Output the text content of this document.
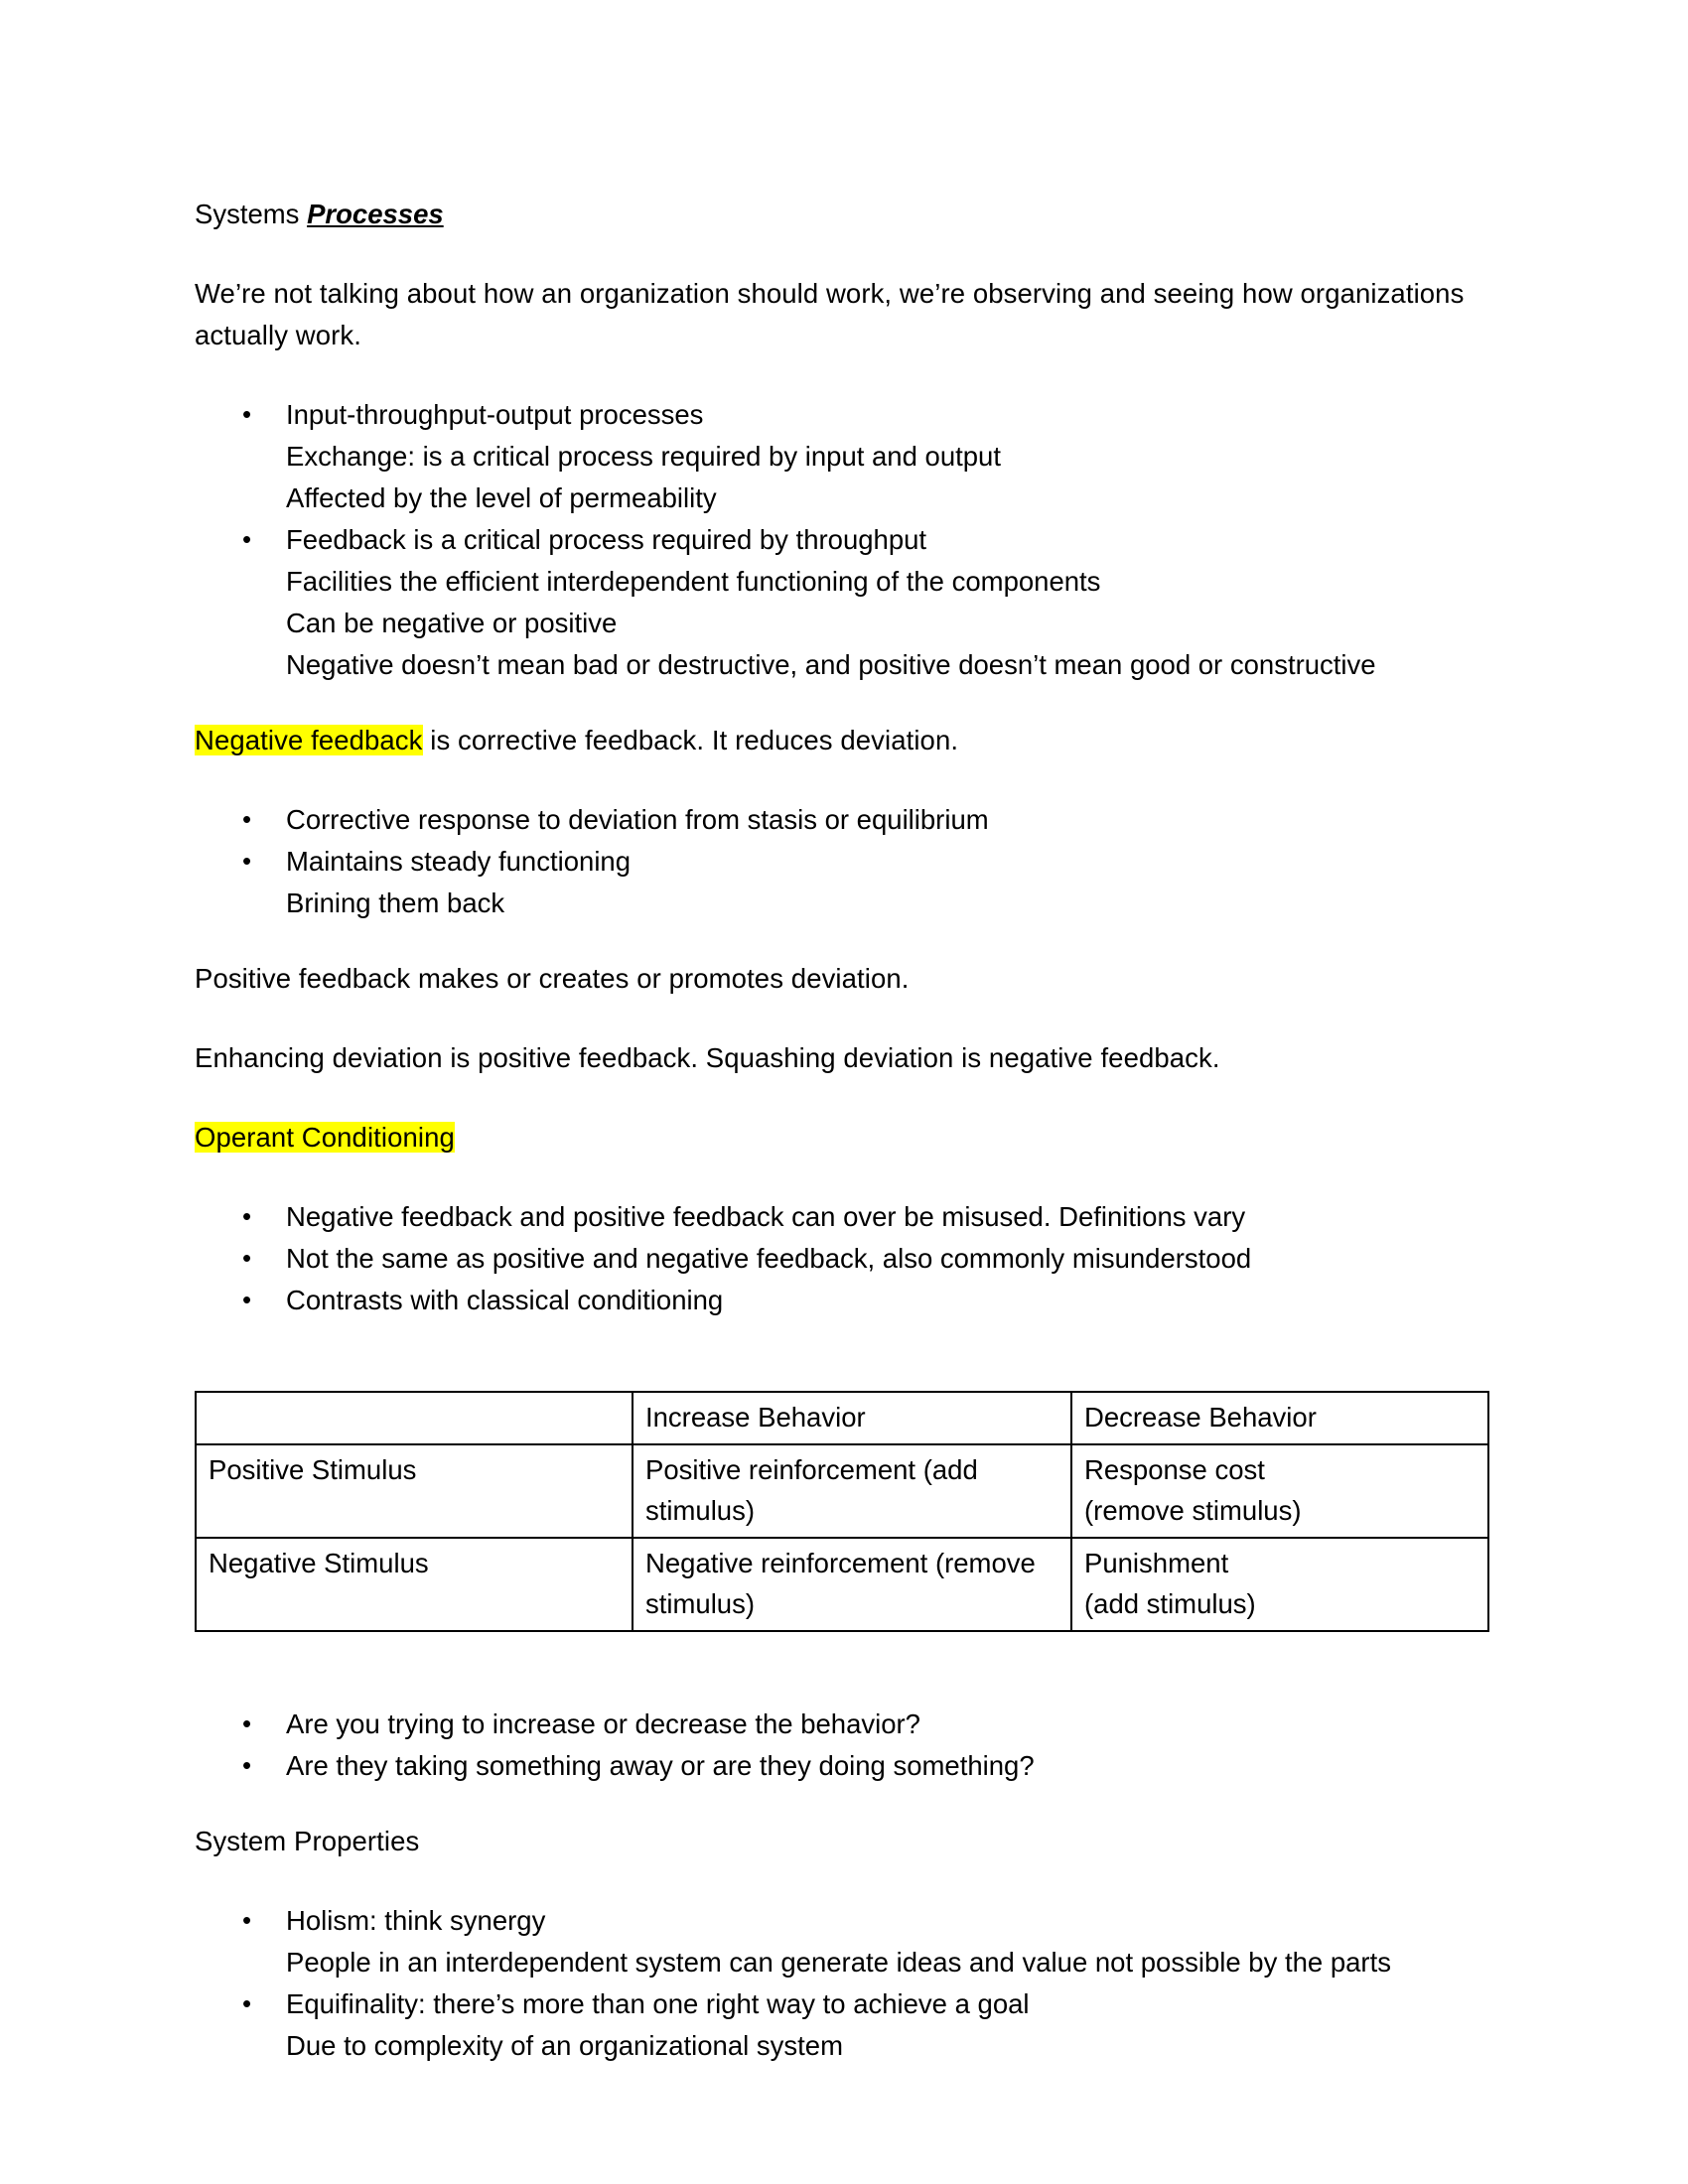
Systems Processes

We’re not talking about how an organization should work, we’re observing and seeing how organizations actually work.

• Input-throughput-output processes
Exchange: is a critical process required by input and output
Affected by the level of permeability
• Feedback is a critical process required by throughput
Facilities the efficient interdependent functioning of the components
Can be negative or positive
Negative doesn’t mean bad or destructive, and positive doesn’t mean good or constructive

Negative feedback is corrective feedback. It reduces deviation.

• Corrective response to deviation from stasis or equilibrium
• Maintains steady functioning
Brining them back

Positive feedback makes or creates or promotes deviation.

Enhancing deviation is positive feedback. Squashing deviation is negative feedback.

Operant Conditioning

• Negative feedback and positive feedback can over be misused. Definitions vary
• Not the same as positive and negative feedback, also commonly misunderstood
• Contrasts with classical conditioning
	Increase Behavior	Decrease Behavior
Positive Stimulus	Positive reinforcement (add stimulus)	Response cost
(remove stimulus)
Negative Stimulus	Negative reinforcement (remove stimulus)	Punishment
(add stimulus)
• Are you trying to increase or decrease the behavior?
• Are they taking something away or are they doing something?

System Properties

• Holism: think synergy
People in an interdependent system can generate ideas and value not possible by the parts
• Equifinality: there’s more than one right way to achieve a goal
Due to complexity of an organizational system
